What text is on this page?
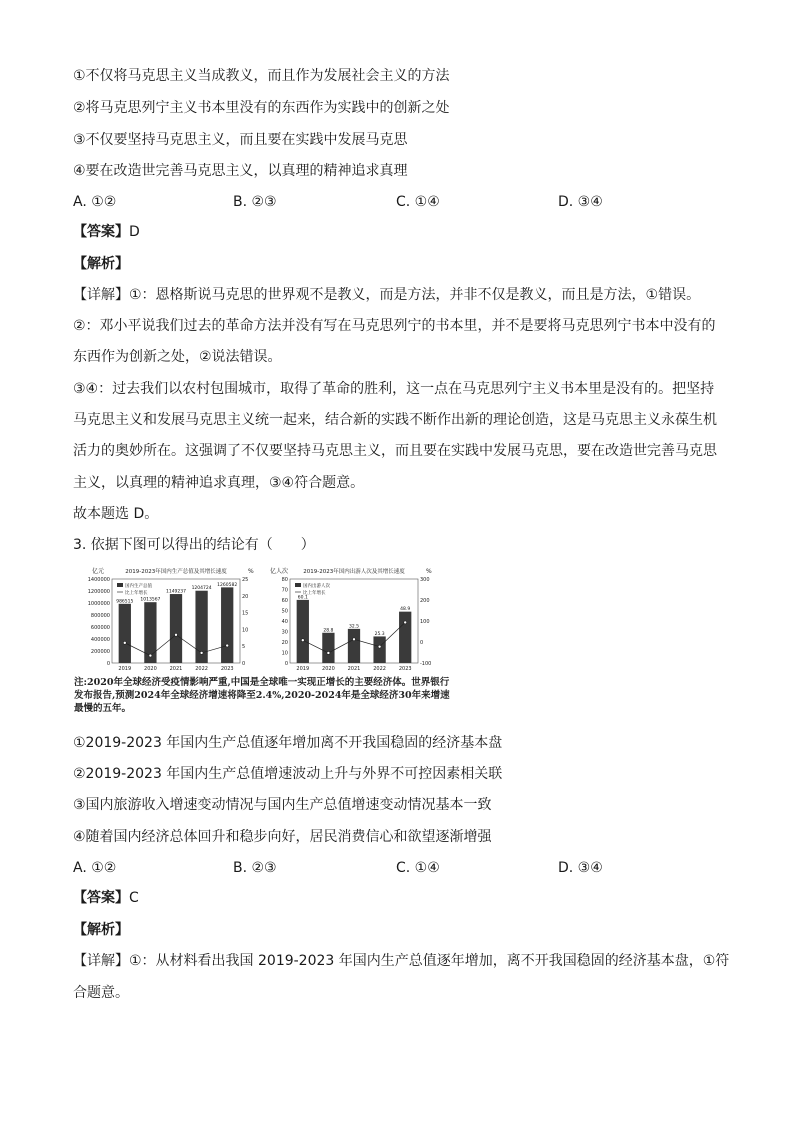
①不仅将马克思主义当成教义，而且作为发展社会主义的方法
②将马克思列宁主义书本里没有的东西作为实践中的创新之处
③不仅要坚持马克思主义，而且要在实践中发展马克思
④要在改造世完善马克思主义，以真理的精神追求真理
A. ①②	B. ②③	C. ①④	D. ③④
【答案】D
【解析】
【详解】①：恩格斯说马克思的世界观不是教义，而是方法，并非不仅是教义，而且是方法，①错误。
②：邓小平说我们过去的革命方法并没有写在马克思列宁的书本里，并不是要将马克思列宁书本中没有的
东西作为创新之处，②说法错误。
③④：过去我们以农村包围城市，取得了革命的胜利，这一点在马克思列宁主义书本里是没有的。把坚持
马克思主义和发展马克思主义统一起来，结合新的实践不断作出新的理论创造，这是马克思主义永葆生机
活力的奥妙所在。这强调了不仅要坚持马克思主义，而且要在实践中发展马克思，要在改造世完善马克思
主义，以真理的精神追求真理，③④符合题意。
故本题选 D。
3. 依据下图可以得出的结论有（　　）
2019-2023年国内生产总值及其增长速度
亿元	%
0
200000
400000
600000
800000
1000000
1200000
1400000
0
5
10
15
20
25
国内生产总值
比上年增长
986515
2019
1013567
2020
1149237
2021
1204724
2022
1260582
2023
2019-2023年国内出游人次及其增长速度
亿人次	%
0
10
20
30
40
50
60
70
80
-100
0
100
200
300
国内出游人次
比上年增长
60.1
2019
28.8
2020
32.5
2021
25.3
2022
48.9
2023
注:2020年全球经济受疫情影响严重,中国是全球唯一实现正增长的主要经济体。世界银行发布报告,预测2024年全球经济增速将降至2.4%,2020-2024年是全球经济30年来增速最慢的五年。
①2019-2023 年国内生产总值逐年增加离不开我国稳固的经济基本盘
②2019-2023 年国内生产总值增速波动上升与外界不可控因素相关联
③国内旅游收入增速变动情况与国内生产总值增速变动情况基本一致
④随着国内经济总体回升和稳步向好，居民消费信心和欲望逐渐增强
A. ①②	B. ②③	C. ①④	D. ③④
【答案】C
【解析】
【详解】①：从材料看出我国 2019-2023 年国内生产总值逐年增加，离不开我国稳固的经济基本盘，①符
合题意。
